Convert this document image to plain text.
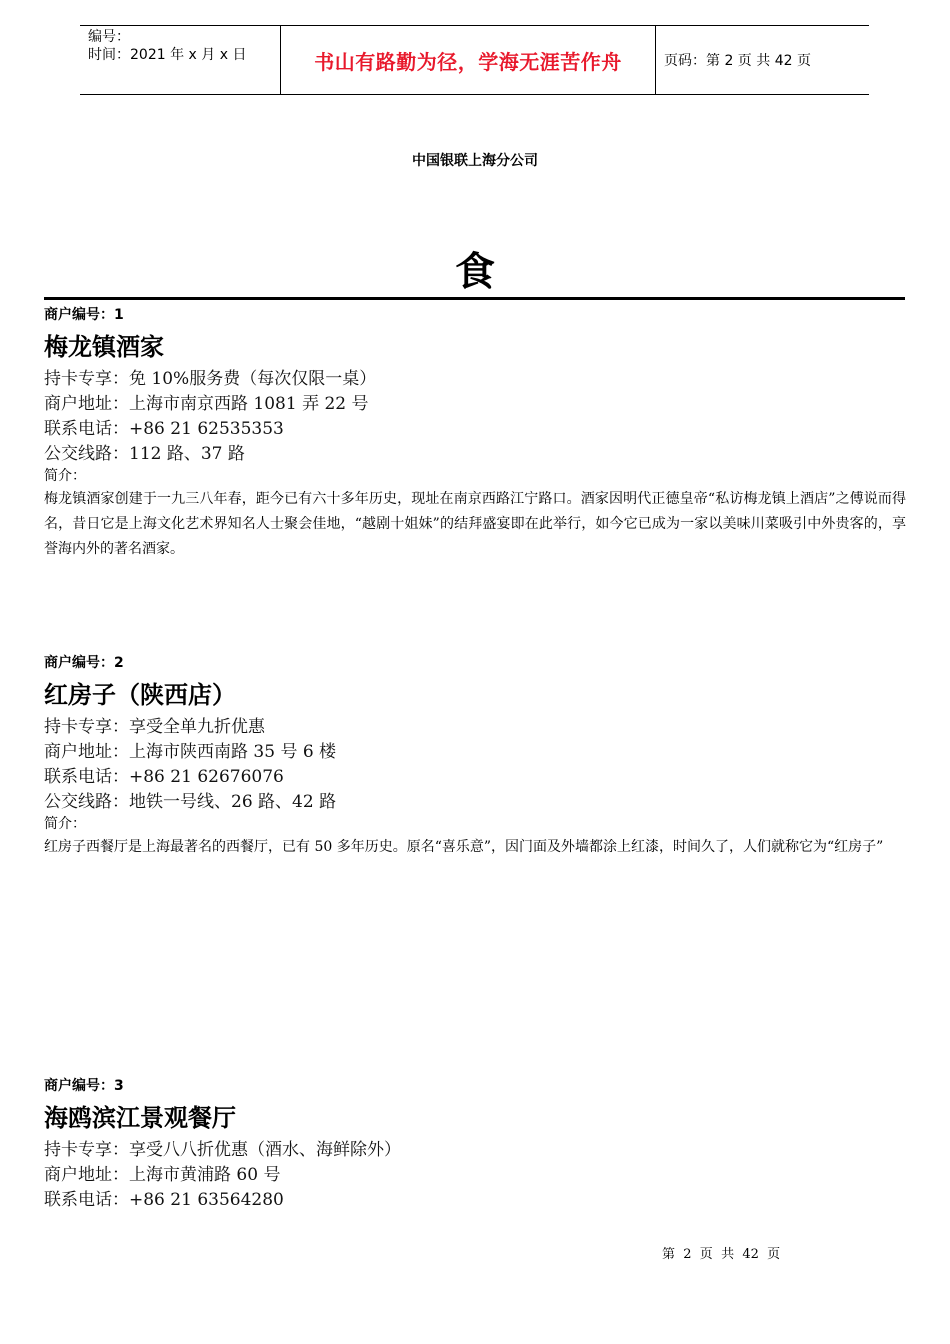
编号：
时间：2021 年 x 月 x 日	书山有路勤为径，学海无涯苦作舟	页码：第 2 页 共 42 页
中国银联上海分公司
食
商户编号：1
梅龙镇酒家
持卡专享：免 10%服务费（每次仅限一桌）
商户地址：上海市南京西路 1081 弄 22 号
联系电话：+86 21 62535353
公交线路：112 路、37 路
简介：
梅龙镇酒家创建于一九三八年春，距今已有六十多年历史，现址在南京西路江宁路口。酒家因明代正德皇帝“私访梅龙镇上酒店”之傅说而得名，昔日它是上海文化艺术界知名人士聚会佳地，“越剧十姐妹”的结拜盛宴即在此举行，如今它已成为一家以美味川菜吸引中外贵客的，享誉海内外的著名酒家。
商户编号：2
红房子（陕西店）
持卡专享：享受全单九折优惠
商户地址：上海市陕西南路 35 号 6 楼
联系电话：+86 21 62676076
公交线路：地铁一号线、26 路、42 路
简介：
红房子西餐厅是上海最著名的西餐厅，已有 50 多年历史。原名“喜乐意”，因门面及外墙都涂上红漆，时间久了，人们就称它为“红房子”
商户编号：3
海鸥滨江景观餐厅
持卡专享：享受八八折优惠（酒水、海鲜除外）
商户地址：上海市黄浦路 60 号
联系电话：+86 21 63564280
第  2  页  共  42  页
